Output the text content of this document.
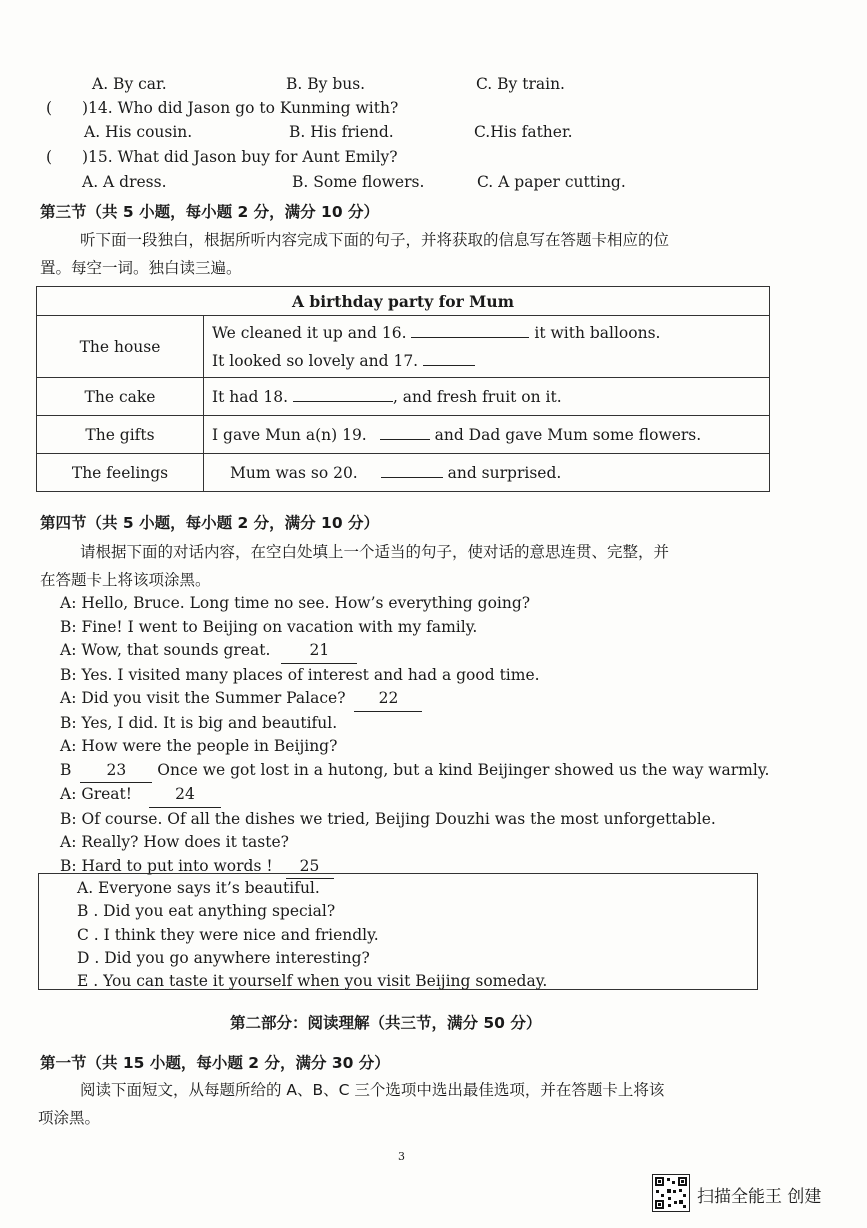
A. By car.	B. By bus.	C. By train.
( )14. Who did Jason go to Kunming with?
A. His cousin.	B. His friend.	C.His father.
( )15. What did Jason buy for Aunt Emily?
A. A dress.	B. Some flowers.	C. A paper cutting.
第三节（共 5 小题，每小题 2 分，满分 10 分）
听下面一段独白，根据所听内容完成下面的句子，并将获取的信息写在答题卡相应的位
置。每空一词。独白读三遍。
A birthday party for Mum	
The house	We cleaned it up and 16. it with balloons.
It looked so lovely and 17.

The cake	It had 18. , and fresh fruit on it.
The gifts	I gave Mun a(n) 19. and Dad gave Mum some flowers.
The feelings	Mum was so 20. and surprised.
第四节（共 5 小题，每小题 2 分，满分 10 分）
请根据下面的对话内容，在空白处填上一个适当的句子，使对话的意思连贯、完整，并
在答题卡上将该项涂黑。
A: Hello, Bruce. Long time no see. How’s everything going?
B: Fine! I went to Beijing on vacation with my family.
A: Wow, that sounds great.	21
B: Yes. I visited many places of interest and had a good time.
A: Did you visit the Summer Palace? 22
B: Yes, I did. It is big and beautiful.
A: How were the people in Beijing?
B 23 Once we got lost in a hutong, but a kind Beijinger showed us the way warmly.
A: Great!	24
B: Of course. Of all the dishes we tried, Beijing Douzhi was the most unforgettable.
A: Really? How does it taste?
B: Hard to put into words ! 25
A. Everyone says it’s beautiful.
B . Did you eat anything special?
C . I think they were nice and friendly.
D . Did you go anywhere interesting?
E . You can taste it yourself when you visit Beijing someday.
第二部分：阅读理解（共三节，满分 50 分）
第一节（共 15 小题，每小题 2 分，满分 30 分）
阅读下面短文，从每题所给的 A、B、C 三个选项中选出最佳选项，并在答题卡上将该
项涂黑。
3
扫描全能王 创建
